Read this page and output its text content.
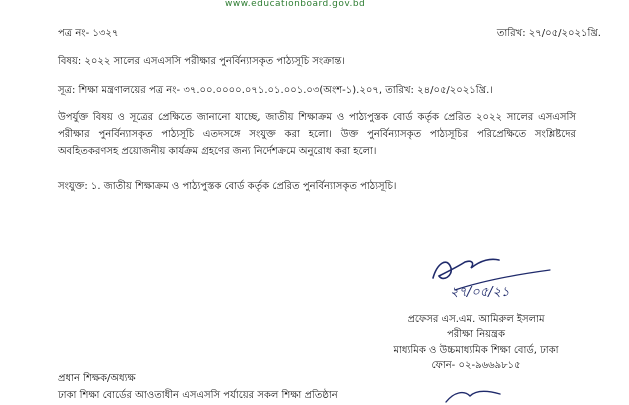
www.educationboard.gov.bd
পত্র নং- ১৩২৭	তারিখ: ২৭/০৫/২০২১খ্রি.
বিষয়: ২০২২ সালের এসএসসি পরীক্ষার পুনর্বিন্যাসকৃত পাঠ্যসূচি সংক্রান্ত।
সূত্র: শিক্ষা মন্ত্রণালয়ের পত্র নং- ৩৭.০০.০০০০.০৭১.০১.০০১.০৩(অংশ-১).২০৭, তারিখ: ২৪/০৫/২০২১খ্রি.।
উপর্যুক্ত বিষয় ও সূত্রের প্রেক্ষিতে জানানো যাচ্ছে, জাতীয় শিক্ষাক্রম ও পাঠ্যপুস্তক বোর্ড কর্তৃক প্রেরিত ২০২২ সালের এসএসসি পরীক্ষার পুনর্বিন্যাসকৃত পাঠ্যসূচি এতদসঙ্গে সংযুক্ত করা হলো। উক্ত পুনর্বিন্যাসকৃত পাঠ্যসূচির পরিপ্রেক্ষিতে সংশ্লিষ্টদের অবহিতকরণসহ প্রয়োজনীয় কার্যক্রম গ্রহণের জন্য নির্দেশক্রমে অনুরোধ করা হলো।
সংযুক্ত: ১. জাতীয় শিক্ষাক্রম ও পাঠ্যপুস্তক বোর্ড কর্তৃক প্রেরিত পুনর্বিন্যাসকৃত পাঠ্যসূচি।
২৭/০৫/২১
প্রফেসর এস.এম. আমিরুল ইসলাম
পরীক্ষা নিয়ন্ত্রক
মাধ্যমিক ও উচ্চমাধ্যমিক শিক্ষা বোর্ড, ঢাকা
ফোন- ০২-৯৬৬৯৮১৫
প্রধান শিক্ষক/অধ্যক্ষ
ঢাকা শিক্ষা বোর্ডের আওতাধীন এসএসসি পর্যায়ের সকল শিক্ষা প্রতিষ্ঠান
